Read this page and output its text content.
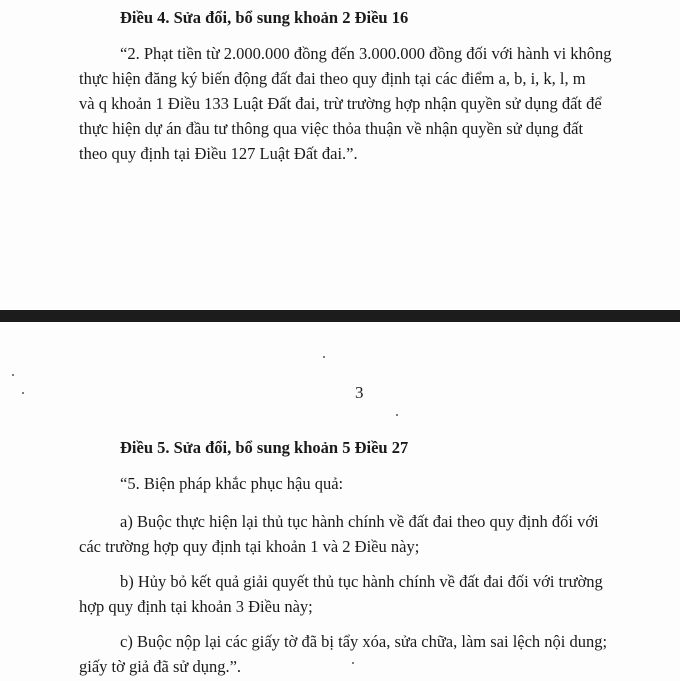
Điều 4. Sửa đổi, bổ sung khoản 2 Điều 16
“2. Phạt tiền từ 2.000.000 đồng đến 3.000.000 đồng đối với hành vi không
thực hiện đăng ký biến động đất đai theo quy định tại các điểm a, b, i, k, l, m
và q khoản 1 Điều 133 Luật Đất đai, trừ trường hợp nhận quyền sử dụng đất để
thực hiện dự án đầu tư thông qua việc thỏa thuận về nhận quyền sử dụng đất
theo quy định tại Điều 127 Luật Đất đai.”.
3
Điều 5. Sửa đổi, bổ sung khoản 5 Điều 27
“5. Biện pháp khắc phục hậu quả:
a) Buộc thực hiện lại thủ tục hành chính về đất đai theo quy định đối với
các trường hợp quy định tại khoản 1 và 2 Điều này;
b) Hủy bỏ kết quả giải quyết thủ tục hành chính về đất đai đối với trường
hợp quy định tại khoản 3 Điều này;
c) Buộc nộp lại các giấy tờ đã bị tẩy xóa, sửa chữa, làm sai lệch nội dung;
giấy tờ giả đã sử dụng.”.
